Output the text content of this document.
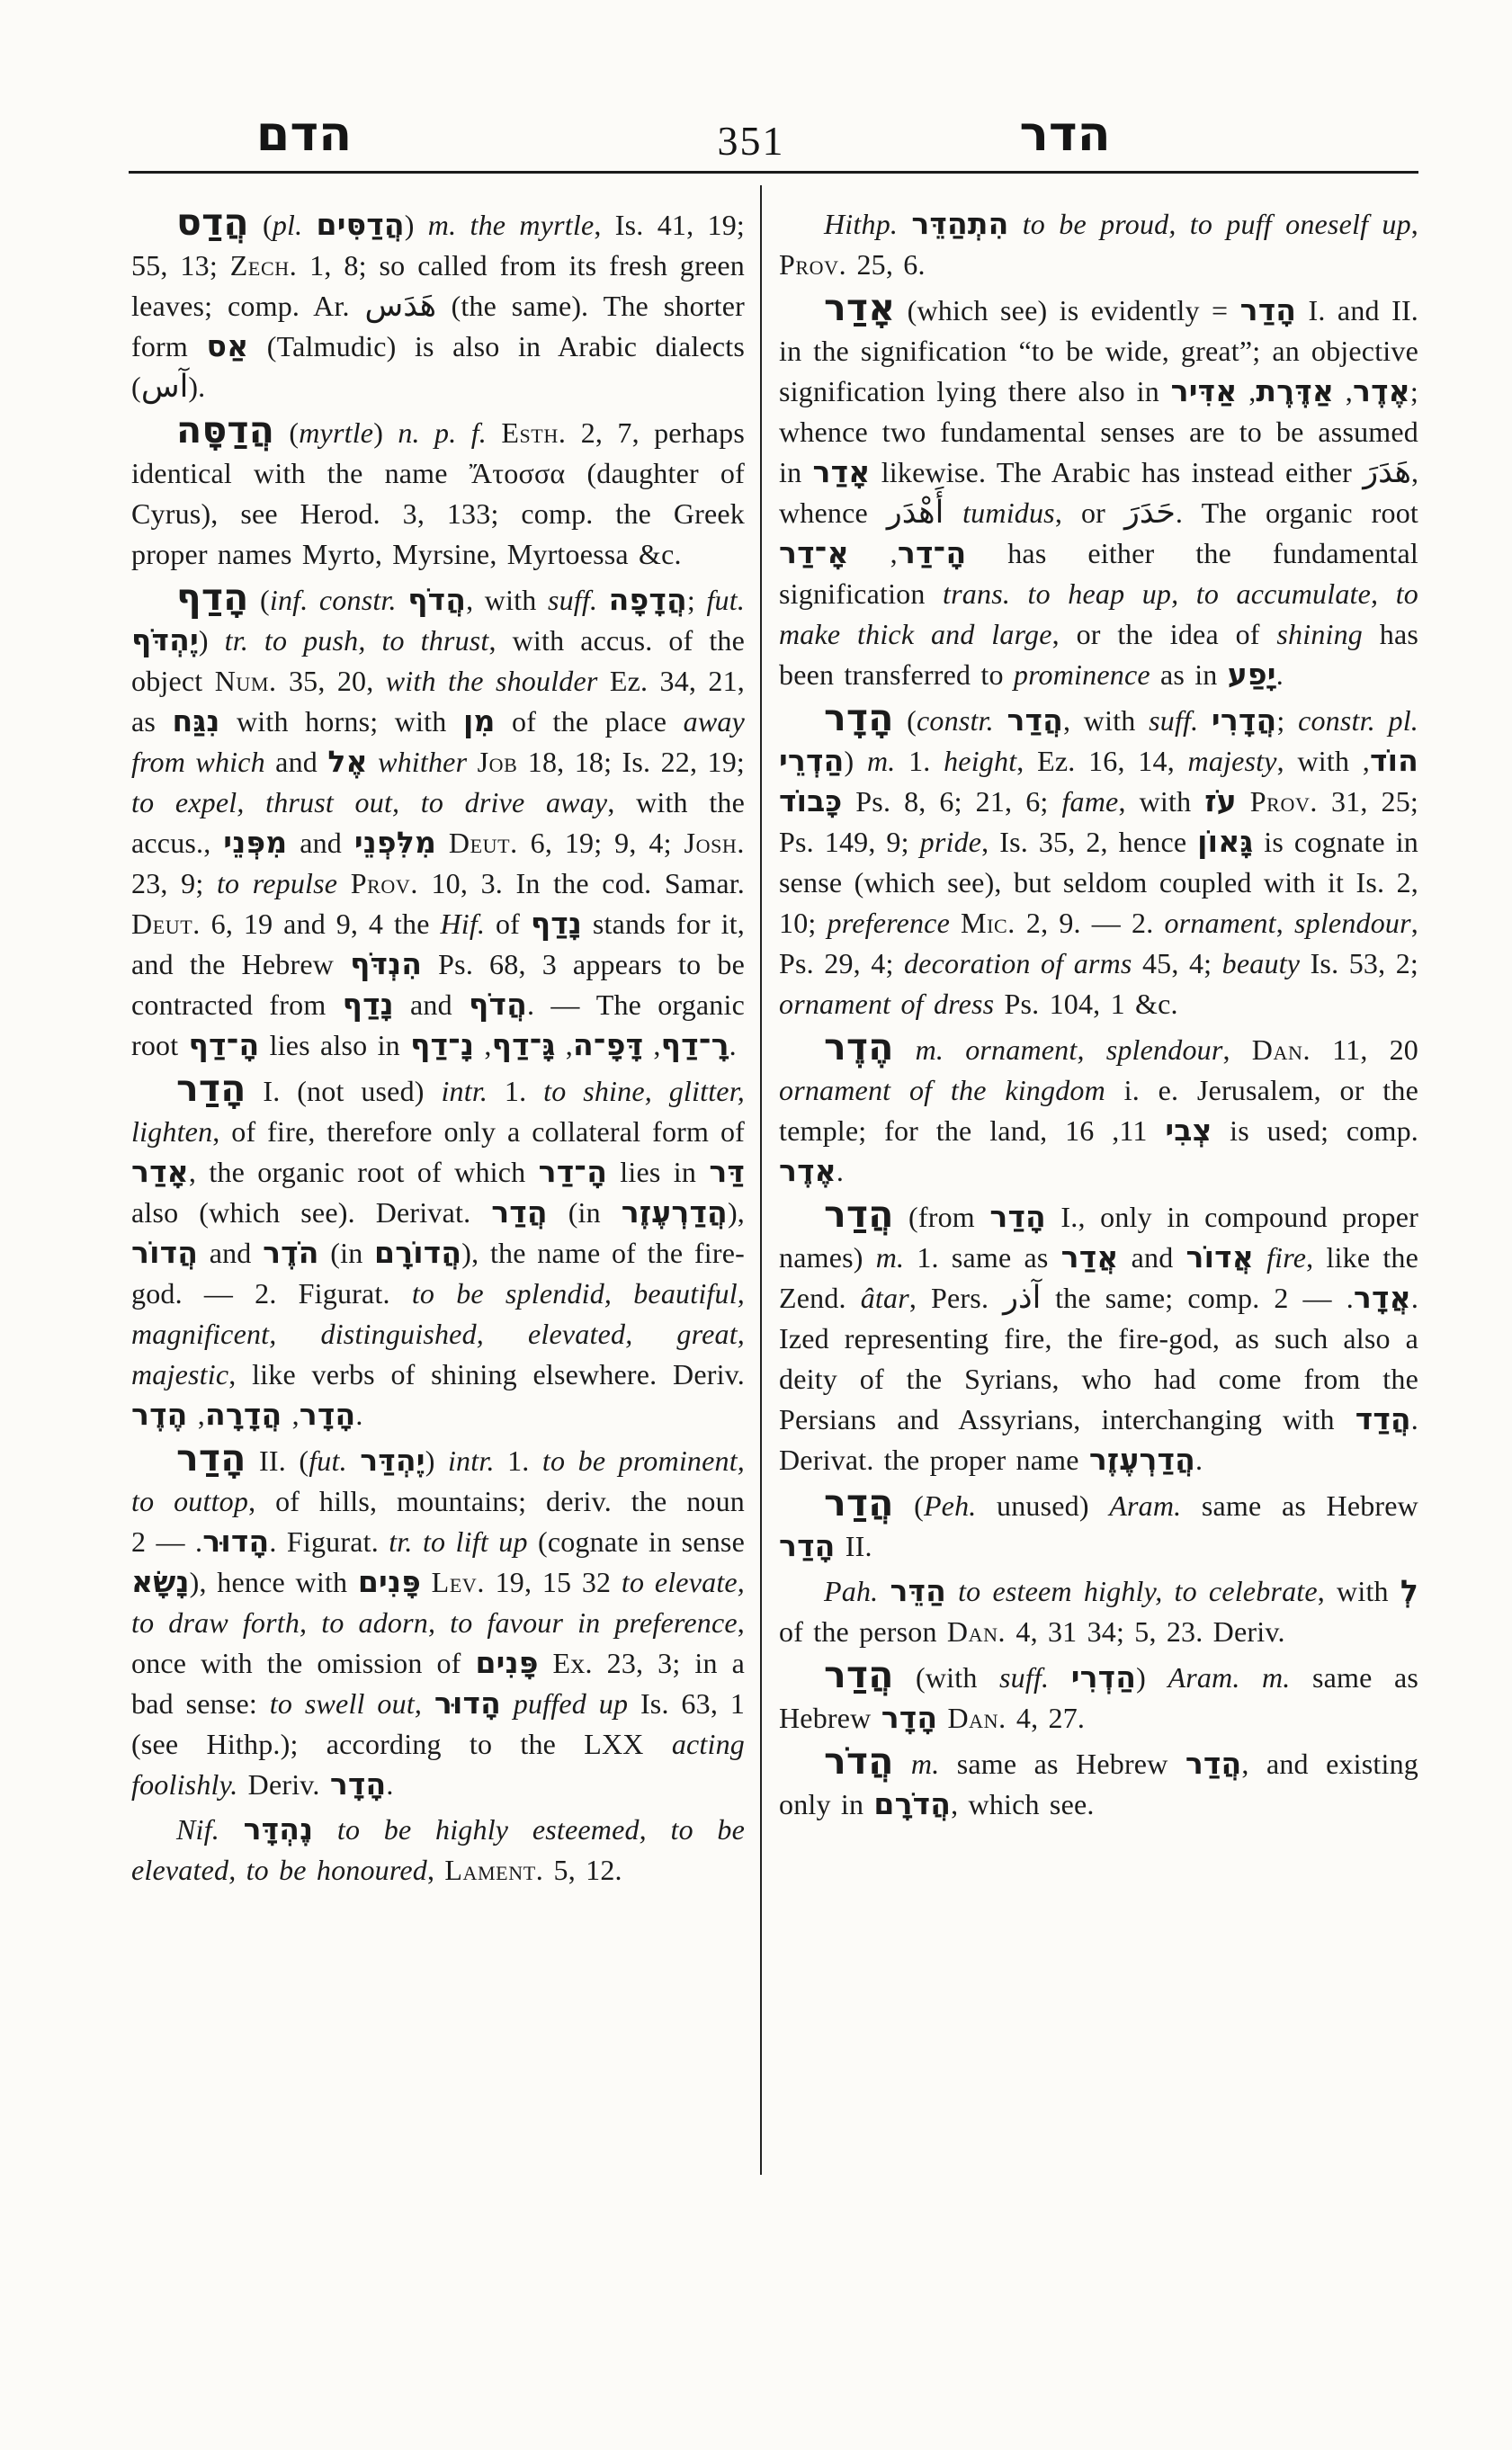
הדם	351	הדר

הֲדַס (pl. הֲדַסִּים) m. the myrtle, Is. 41, 19; 55, 13; Zech. 1, 8; so called from its fresh green leaves; comp. Ar. هَدَس (the same). The shorter form אַס (Talmudic) is also in Arabic dialects (آس).

הֲדַסָּה (myrtle) n. p. f. Esth. 2, 7, perhaps identical with the name Ἄτοσσα (daughter of Cyrus), see Herod. 3, 133; comp. the Greek proper names Myrto, Myrsine, Myrtoessa &c.

הָדַף (inf. constr. הֲדֹף, with suff. הֲדָפָה; fut. יֶהְדֹּף) tr. to push, to thrust, with accus. of the object Num. 35, 20, with the shoulder Ez. 34, 21, as נִגַּח with horns; with מִן of the place away from which and אֶל whither Job 18, 18; Is. 22, 19; to expel, thrust out, to drive away, with the accus., מִפְּנֵי and מִלִּפְנֵי Deut. 6, 19; 9, 4; Josh. 23, 9; to repulse Prov. 10, 3. In the cod. Samar. Deut. 6, 19 and 9, 4 the Hif. of נָדַף stands for it, and the Hebrew הִנְדֹּף Ps. 68, 3 appears to be contracted from נָדַף and הֲדֹף. — The organic root הָ־דַף lies also in	רָ־דַף, דָּפָ־ה, גָּ־דַף, נָ־דַף	.

הָדַר I. (not used) intr. 1. to shine, glitter, lighten, of fire, therefore only a collateral form of אָדַר, the organic root of which הָ־דַר lies in דַּר also (which see). Derivat. הֲדַר (in הֲדַרְעֶזֶר), הֲדוֹר and הֹדֶר (in הֲדוֹרָם), the name of the fire-god. — 2. Figurat. to be splendid, beautiful, magnificent, distinguished, elevated, great, majestic, like verbs of shining elsewhere. Deriv. הָדָר, הֲדָרָה, הֶדֶר	.

הָדַר II. (fut. יֶהְדַּר) intr. 1. to be prominent, to outtop, of hills, mountains; deriv. the noun הָדוּר. — 2. Figurat. tr. to lift up (cognate in sense נָשָׂא), hence with פָּנִים Lev. 19, 15 32 to elevate, to draw forth, to adorn, to favour in preference, once with the omission of פָּנִים Ex. 23, 3; in a bad sense: to swell out, הָדוּר puffed up Is. 63, 1 (see Hithp.); according to the LXX acting foolishly. Deriv. הָדָר.

Nif. נֶהְדָּר to be highly esteemed, to be elevated, to be honoured, Lament. 5, 12.

Hithp. הִתְהַדֵּר to be proud, to puff oneself up, Prov. 25, 6.

אָדַר (which see) is evidently = הָדַר I. and II. in the signification “to be wide, great”; an objective signification lying there also in	אֶדֶר, אַדֶּרֶת, אַדִּיר	; whence two fundamental senses are to be assumed in אָדַר likewise. The Arabic has instead either هَدَرَ, whence أَهْدَر tumidus, or حَدَرَ. The organic root הָ־דַר, אָ־דַר	has either the fundamental signification trans. to heap up, to accumulate, to make thick and large, or the idea of shining has been transferred to prominence as in יָפַע.

הָדָר (constr. הֲדַר, with suff. הֲדָרִי; constr. pl. הַדְרֵי) m. 1. height, Ez. 16, 14, majesty, with הוֹד, כָּבוֹד Ps. 8, 6; 21, 6; fame, with עֹז Prov. 31, 25; Ps. 149, 9; pride, Is. 35, 2, hence גָּאוֹן is cognate in sense (which see), but seldom coupled with it Is. 2, 10; preference Mic. 2, 9. — 2. ornament, splendour, Ps. 29, 4; decoration of arms 45, 4; beauty Is. 53, 2; ornament of dress Ps. 104, 1 &c.

הֶדֶר m. ornament, splendour, Dan. 11, 20 ornament of the kingdom i. e. Jerusalem, or the temple; for the land,	צְבִי 11, 16 is used; comp. אֶדֶר.

הֲדַר (from הָדַר I., only in compound proper names) m. 1. same as אֲדַר and אֲדוֹר fire, like the Zend. âtar, Pers. آذر the same; comp.	אֲדָר. — 2. Ized representing fire, the fire-god, as such also a deity of the Syrians, who had come from the Persians and Assyrians, interchanging with הֲדַד. Derivat. the proper name הֲדַרְעֶזֶר.

הֲדַר (Peh. unused) Aram. same as Hebrew הָדַר II.

Pah. הַדֵּר to esteem highly, to celebrate, with לְ of the person Dan. 4, 31 34; 5, 23. Deriv.

הֲדַר (with suff. הַדְרִי) Aram. m. same as Hebrew הָדָר Dan. 4, 27.

הֲדֹר m. same as Hebrew הֲדַר, and existing only in הֲדֹרָם, which see.
